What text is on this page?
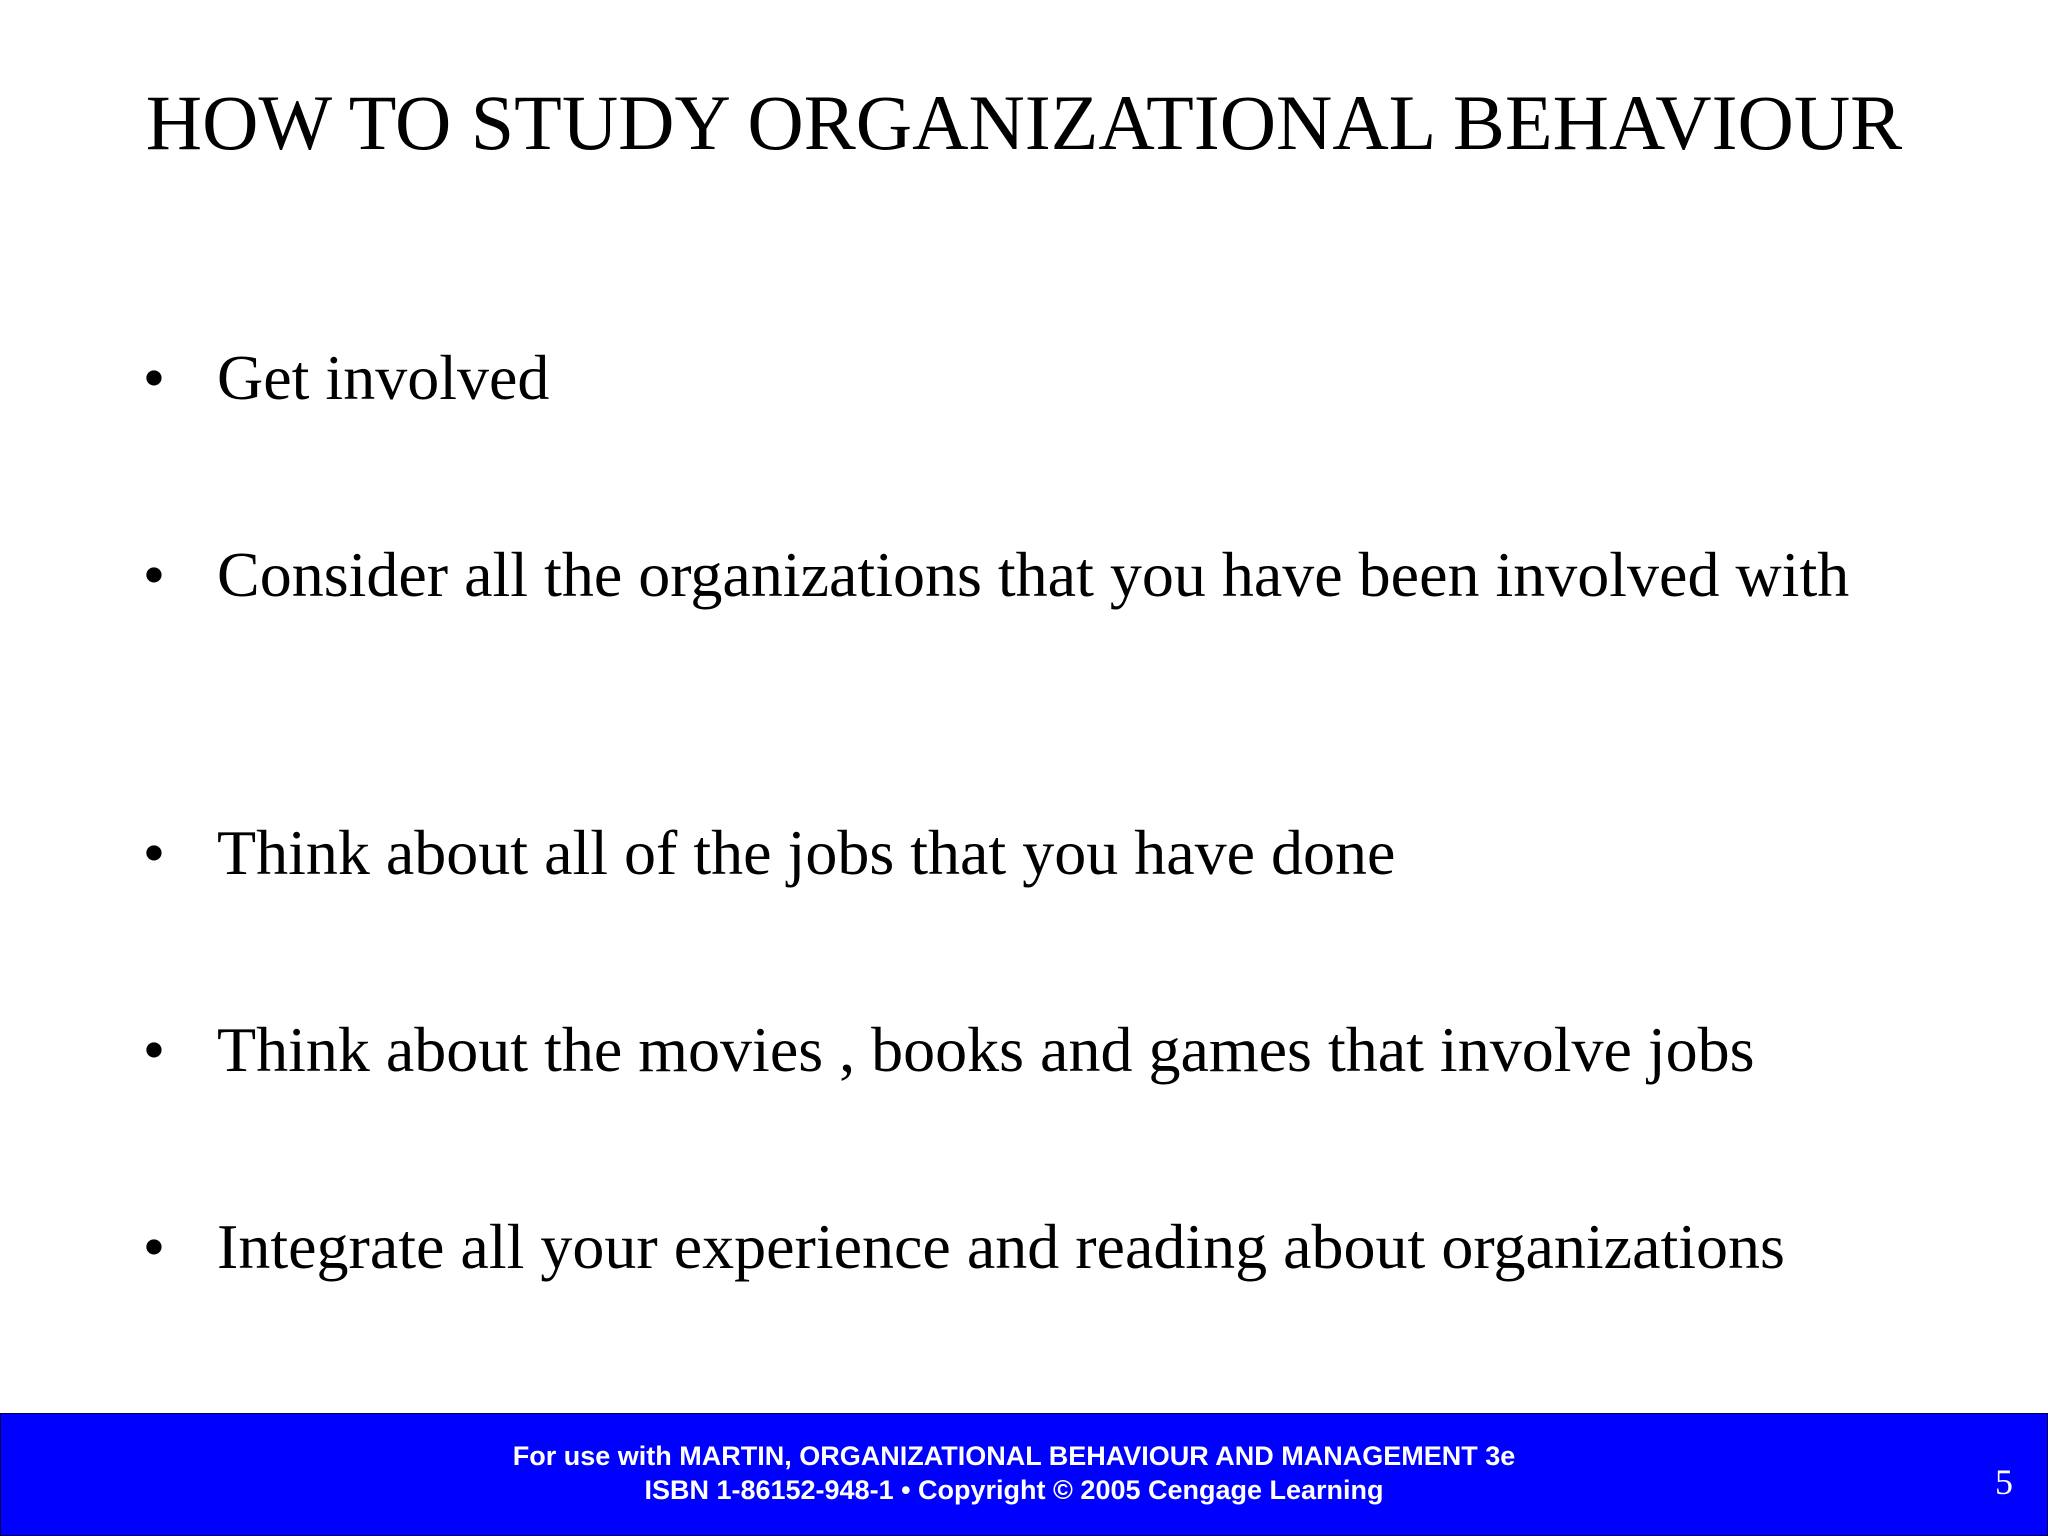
HOW TO STUDY ORGANIZATIONAL BEHAVIOUR
• Get involved
• Consider all the organizations that you have been involved with
• Think about all of the jobs that you have done
• Think about the movies , books and games that involve jobs
• Integrate all your experience and reading about organizations
For use with MARTIN, ORGANIZATIONAL BEHAVIOUR AND MANAGEMENT 3e
ISBN 1-86152-948-1 • Copyright © 2005 Cengage Learning	5
